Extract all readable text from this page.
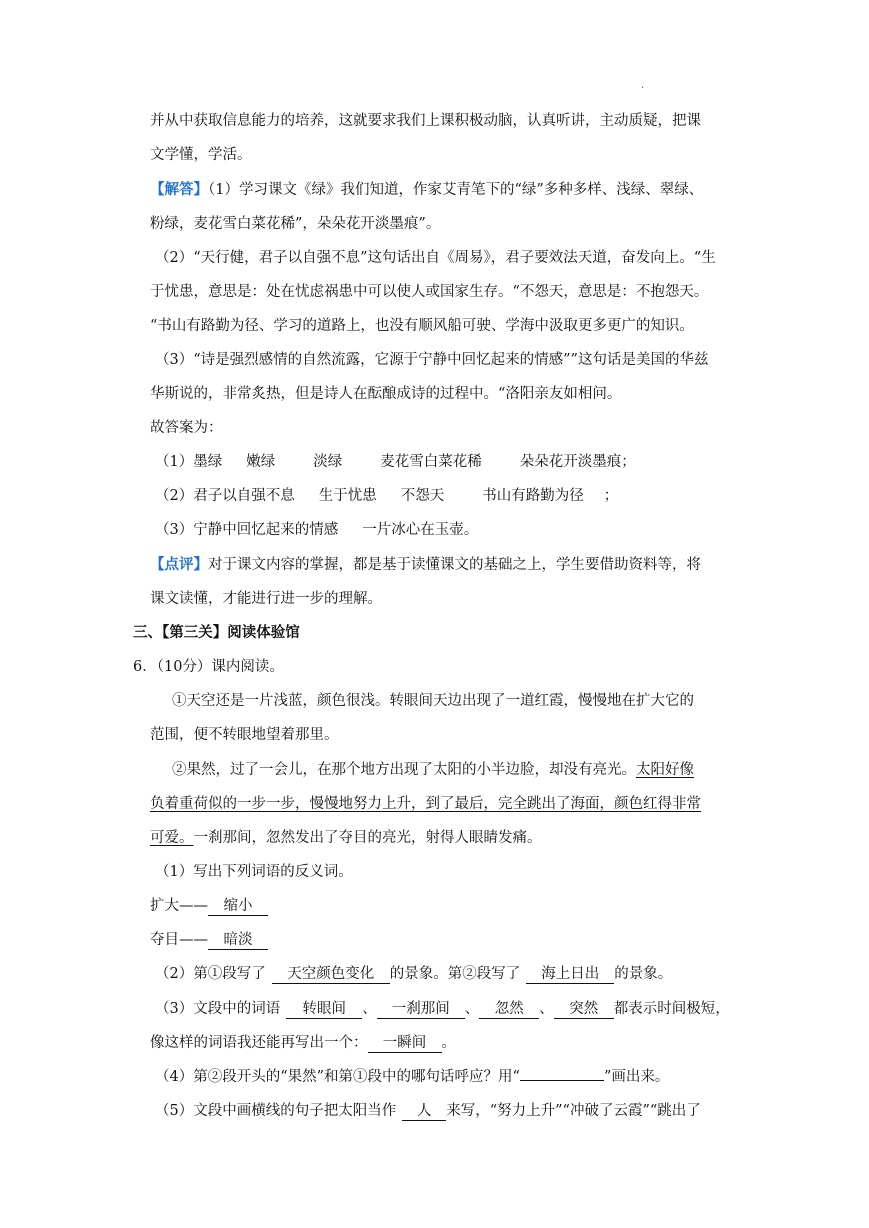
.
并从中获取信息能力的培养，这就要求我们上课积极动脑，认真听讲，主动质疑，把课
文学懂，学活。
【解答】（1）学习课文《绿》我们知道，作家艾青笔下的“绿”多种多样、浅绿、翠绿、
粉绿，麦花雪白菜花稀”，朵朵花开淡墨痕”。
（2）“天行健，君子以自强不息”这句话出自《周易》，君子要效法天道，奋发向上。“生
于忧患，意思是：处在忧虑祸患中可以使人或国家生存。“不怨天，意思是：不抱怨天。
“书山有路勤为径、学习的道路上，也没有顺风船可驶、学海中汲取更多更广的知识。
（3）“诗是强烈感情的自然流露，它源于宁静中回忆起来的情感””这句话是美国的华兹
华斯说的，非常炙热，但是诗人在酝酿成诗的过程中。“洛阳亲友如相问。
故答案为：
（1）墨绿 嫩绿	淡绿	麦花雪白菜花稀	朵朵花开淡墨痕；
（2）君子以自强不息 生于忧患 不怨天	书山有路勤为径 ；
（3）宁静中回忆起来的情感 一片冰心在玉壶。
【点评】对于课文内容的掌握，都是基于读懂课文的基础之上，学生要借助资料等，将
课文读懂，才能进行进一步的理解。
三、【第三关】阅读体验馆
6．（10分）课内阅读。
①天空还是一片浅蓝，颜色很浅。转眼间天边出现了一道红霞，慢慢地在扩大它的
范围，便不转眼地望着那里。
②果然，过了一会儿，在那个地方出现了太阳的小半边脸，却没有亮光。太阳好像
负着重荷似的一步一步，慢慢地努力上升，到了最后，完全跳出了海面，颜色红得非常
可爱。一刹那间，忽然发出了夺目的亮光，射得人眼睛发痛。
（1）写出下列词语的反义词。
扩大—— 缩小
夺目—— 暗淡
（2）第①段写了 天空颜色变化 的景象。第②段写了 海上日出 的景象。
（3）文段中的词语 转眼间 、 一刹那间 、 忽然 、 突然 都表示时间极短，
像这样的词语我还能再写出一个： 一瞬间 。
（4）第②段开头的“果然”和第①段中的哪句话呼应？用“	”画出来。
（5）文段中画横线的句子把太阳当作 人 来写，“努力上升”“冲破了云霞”“跳出了
